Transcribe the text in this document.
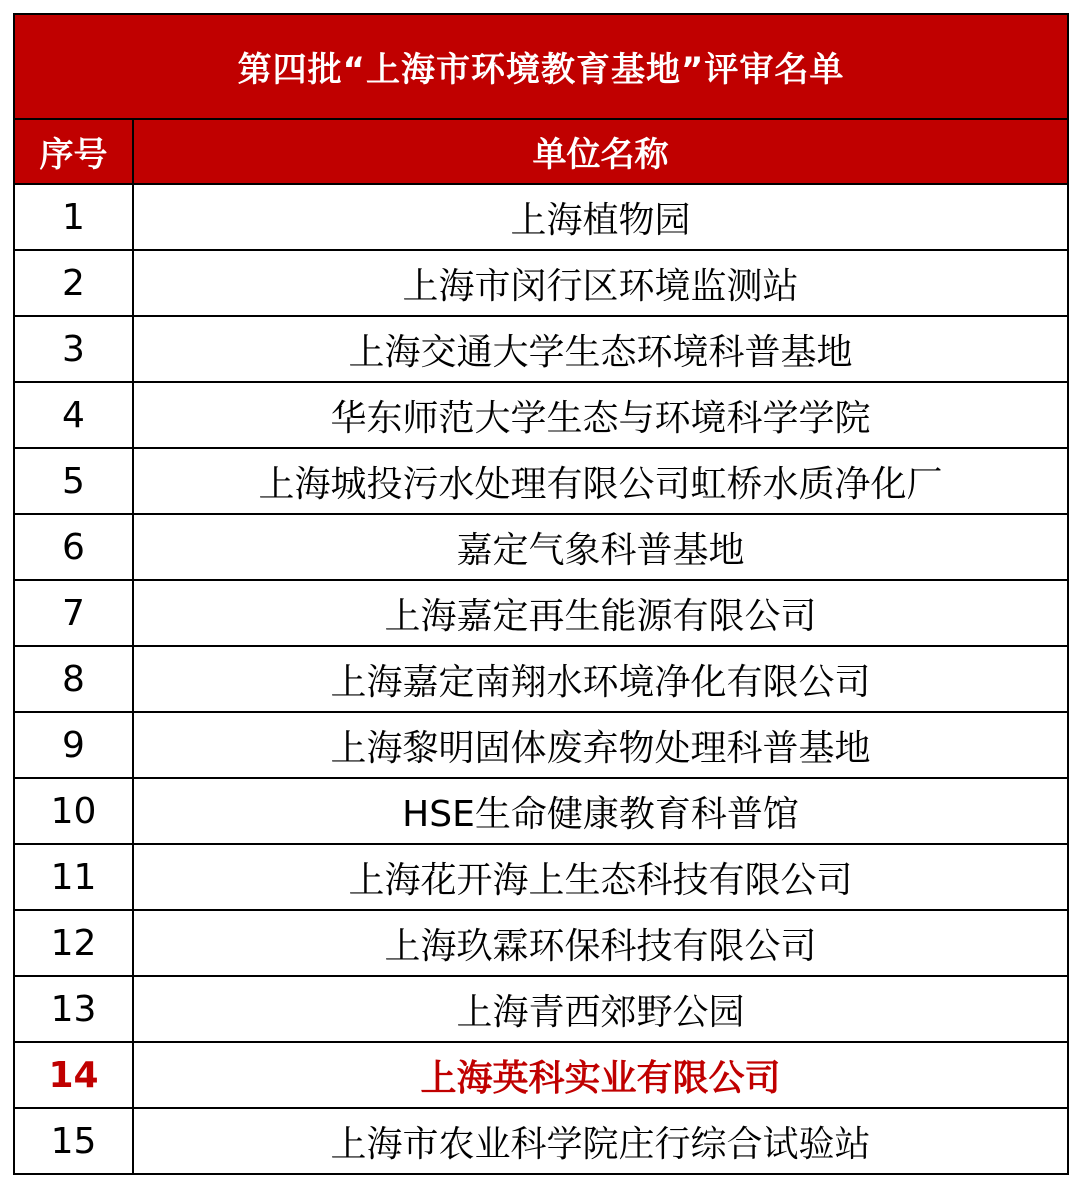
第四批“上海市环境教育基地”评审名单	
序号	单位名称
1	上海植物园
2	上海市闵行区环境监测站
3	上海交通大学生态环境科普基地
4	华东师范大学生态与环境科学学院
5	上海城投污水处理有限公司虹桥水质净化厂
6	嘉定气象科普基地
7	上海嘉定再生能源有限公司
8	上海嘉定南翔水环境净化有限公司
9	上海黎明固体废弃物处理科普基地
10	HSE生命健康教育科普馆
11	上海花开海上生态科技有限公司
12	上海玖霖环保科技有限公司
13	上海青西郊野公园
14	上海英科实业有限公司
15	上海市农业科学院庄行综合试验站
